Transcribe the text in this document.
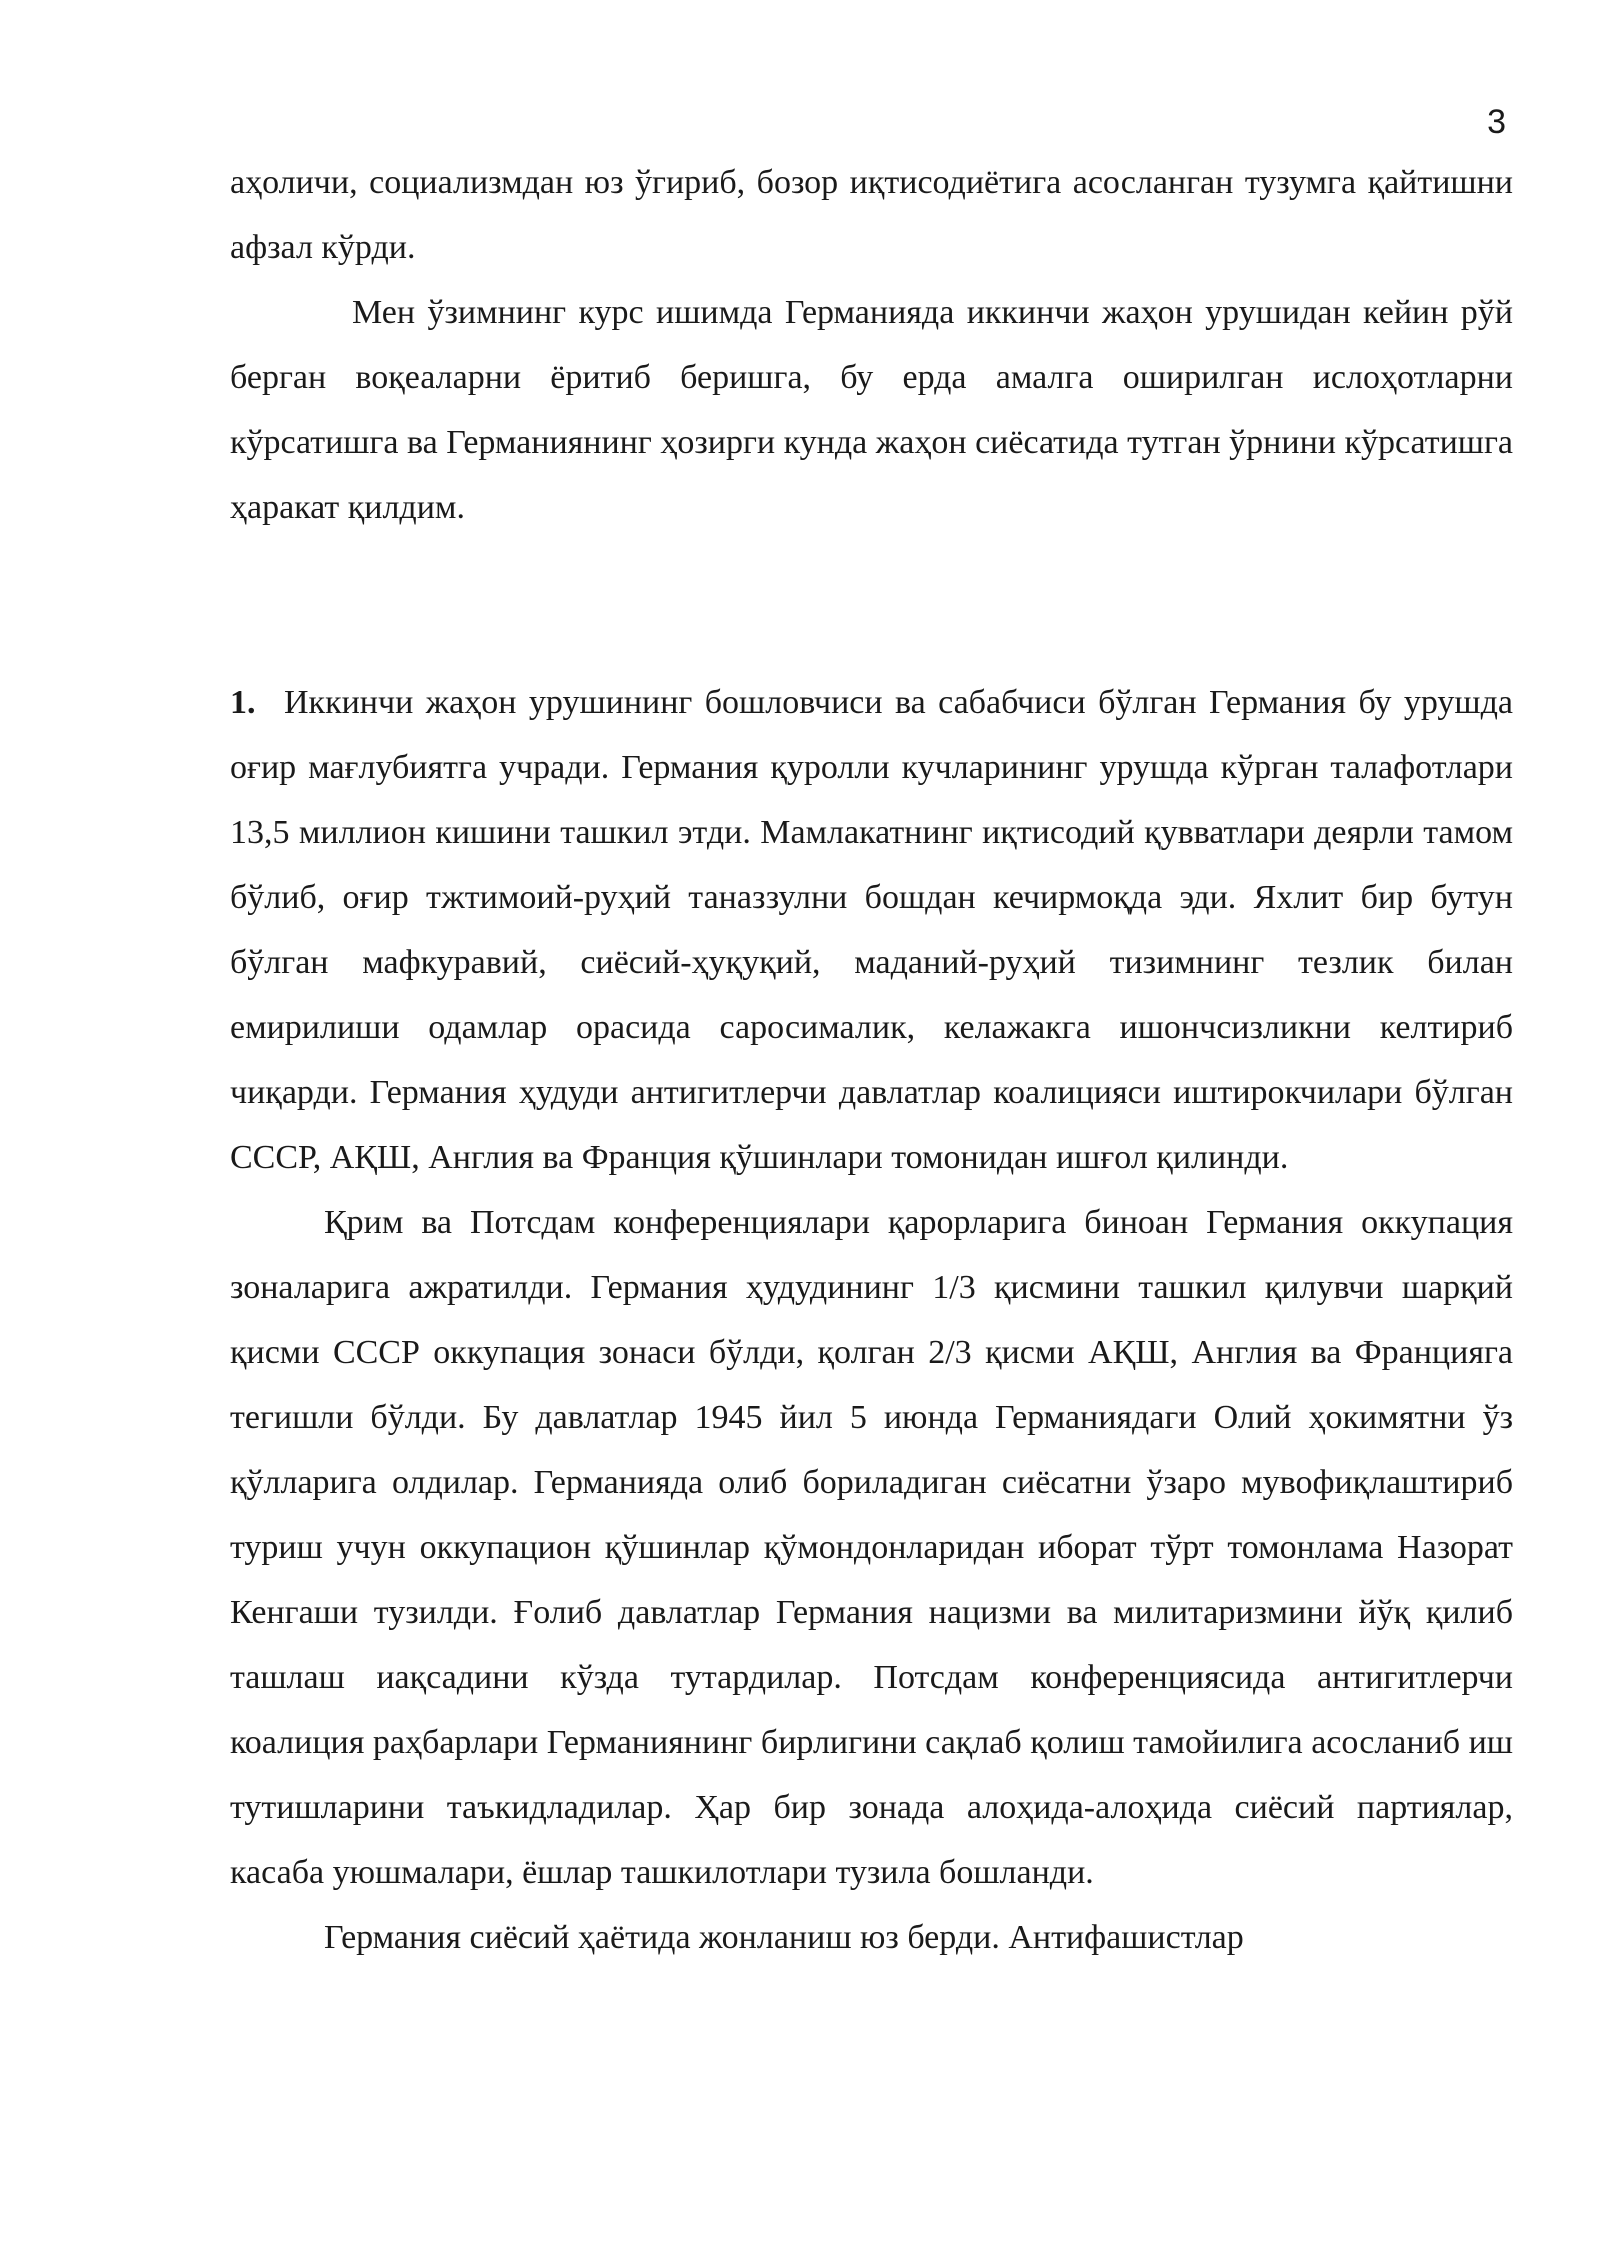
3

аҳоличи, социализмдан юз ўгириб, бозор иқтисодиётига асосланган тузумга қайтишни афзал кўрди.

Мен ўзимнинг курс ишимда Германияда иккинчи жаҳон урушидан кейин рўй берган воқеаларни ёритиб беришга, бу ерда амалга оширилган ислоҳотларни кўрсатишга ва Германиянинг ҳозирги кунда жаҳон сиёсатида тутган ўрнини кўрсатишга ҳаракат қилдим.

1. Иккинчи жаҳон урушининг бошловчиси ва сабабчиси бўлган Германия бу урушда оғир мағлубиятга учради. Германия қуролли кучларининг урушда кўрган талафотлари 13,5 миллион кишини ташкил этди. Мамлакатнинг иқтисодий қувватлари деярли тамом бўлиб, оғир тжтимоий-руҳий таназзулни бошдан кечирмоқда эди. Яхлит бир бутун бўлган мафкуравий, сиёсий-ҳуқуқий, маданий-руҳий тизимнинг тезлик билан емирилиши одамлар орасида саросималик, келажакга ишончсизликни келтириб чиқарди. Германия ҳудуди антигитлерчи давлатлар коалицияси иштирокчилари бўлган СССР, АҚШ, Англия ва Франция қўшинлари томонидан ишғол қилинди.

Қрим ва Потсдам конференциялари қарорларига биноан Германия оккупация зоналарига ажратилди. Германия ҳудудининг 1/3 қисмини ташкил қилувчи шарқий қисми СССР оккупация зонаси бўлди, қолган 2/3 қисми АҚШ, Англия ва Францияга тегишли бўлди. Бу давлатлар 1945 йил 5 июнда Германиядаги Олий ҳокимятни ўз қўлларига олдилар. Германияда олиб бориладиган сиёсатни ўзаро мувофиқлаштириб туриш учун оккупацион қўшинлар қўмондонларидан иборат тўрт томонлама Назорат Кенгаши тузилди. Ғолиб давлатлар Германия нацизми ва милитаризмини йўқ қилиб ташлаш иақсадини кўзда тутардилар. Потсдам конференциясида антигитлерчи коалиция раҳбарлари Германиянинг бирлигини сақлаб қолиш тамойилига асосланиб иш тутишларини таъкидладилар. Ҳар бир зонада алоҳида-алоҳида сиёсий партиялар, касаба уюшмалари, ёшлар ташкилотлари тузила бошланди.

Германия сиёсий ҳаётида жонланиш юз берди. Антифашистлар
